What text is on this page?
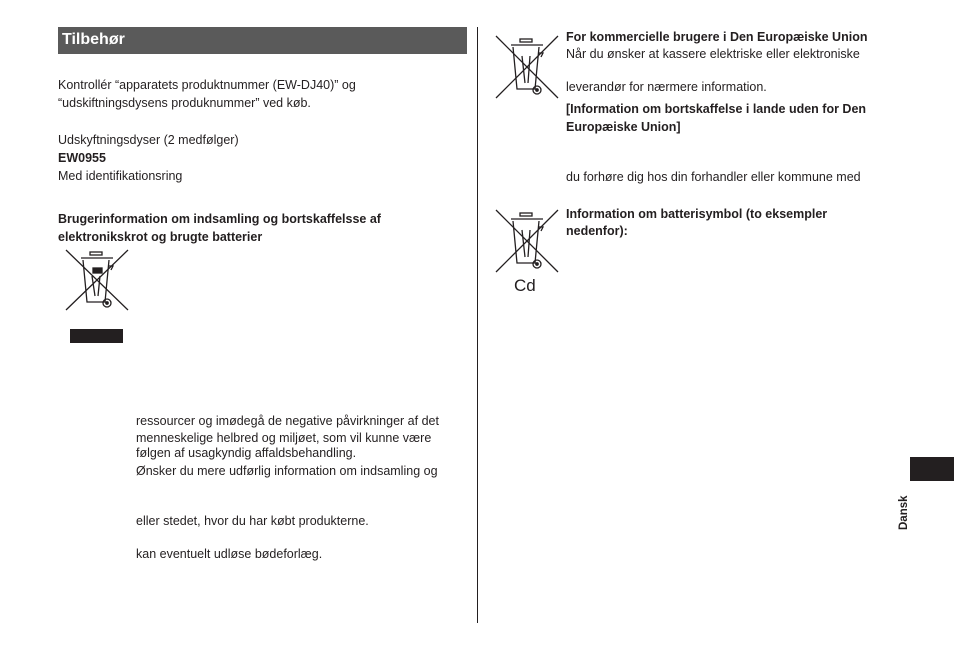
Tilbehør
Kontrollér “apparatets produktnummer (EW-DJ40)” og
“udskiftningsdysens produknummer” ved køb.
Udskyftningsdyser (2 medfølger)
EW0955
Med identifikationsring
Brugerinformation om indsamling og bortskaffelsse af
elektronikskrot og brugte batterier
ressourcer og imødegå de negative påvirkninger af det
menneskelige helbred og miljøet, som vil kunne være
følgen af usagkyndig affaldsbehandling.
Ønsker du mere udførlig information om indsamling og
eller stedet, hvor du har købt produkterne.
kan eventuelt udløse bødeforlæg.
For kommercielle brugere i Den Europæiske Union
Når du ønsker at kassere elektriske eller elektroniske
leverandør for nærmere information.
[Information om bortskaffelse i lande uden for Den
Europæiske Union]
du forhøre dig hos din forhandler eller kommune med
Cd
Information om batterisymbol (to eksempler
nedenfor):
Dansk
